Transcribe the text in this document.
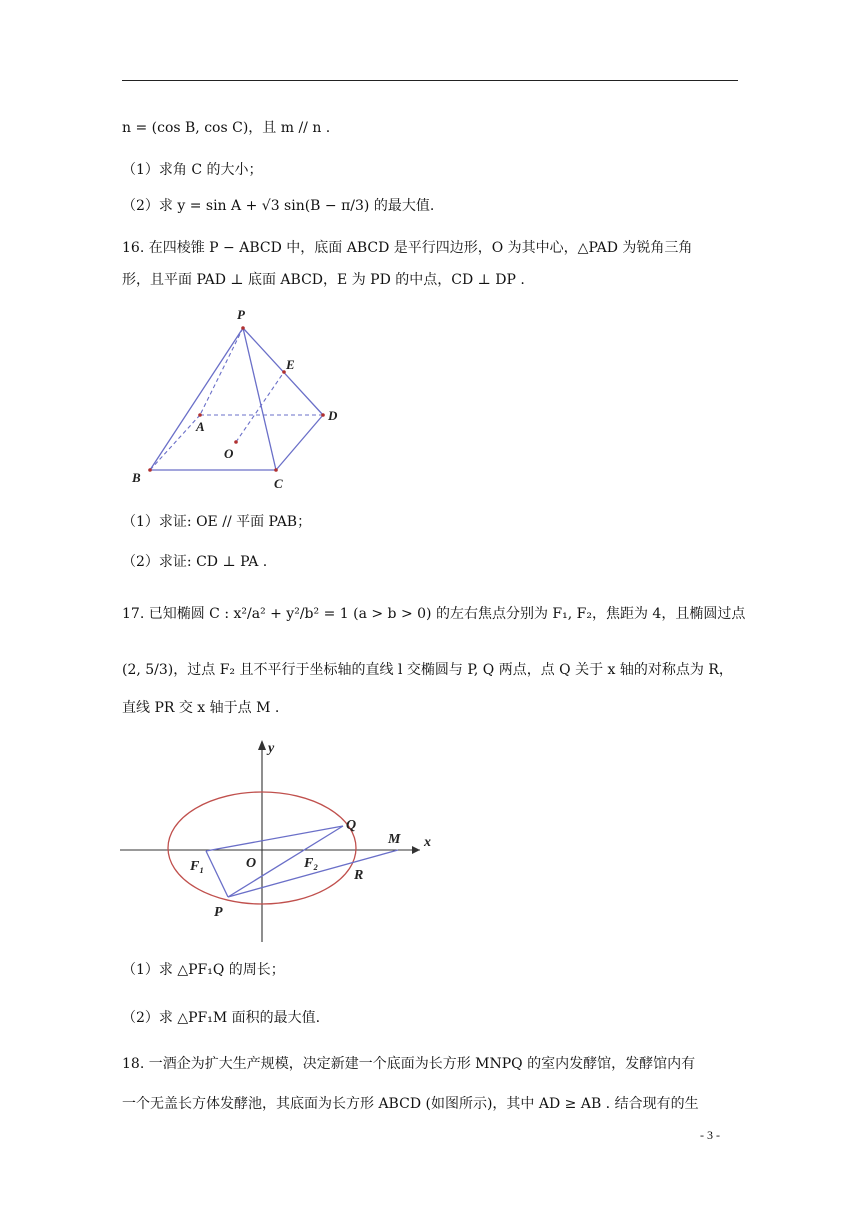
n = (cos B, cos C)，且 m // n .
（1）求角 C 的大小；
（2）求 y = sin A + √3 sin(B − π/3) 的最大值.
16. 在四棱锥 P − ABCD 中，底面 ABCD 是平行四边形，O 为其中心，△PAD 为锐角三角
形，且平面 PAD ⊥ 底面 ABCD，E 为 PD 的中点，CD ⊥ DP .
P
E
A
D
O
B	C
（1）求证: OE // 平面 PAB；
（2）求证: CD ⊥ PA .
17. 已知椭圆 C : x²/a² + y²/b² = 1 (a > b > 0) 的左右焦点分别为 F₁, F₂，焦距为 4，且椭圆过点
(2, 5/3)，过点 F₂ 且不平行于坐标轴的直线 l 交椭圆与 P, Q 两点，点 Q 关于 x 轴的对称点为 R，
直线 PR 交 x 轴于点 M .
y
x
Q
M
F₁	O	F₂
R
P
（1）求 △PF₁Q 的周长；
（2）求 △PF₁M 面积的最大值.
18. 一酒企为扩大生产规模，决定新建一个底面为长方形 MNPQ 的室内发酵馆，发酵馆内有
一个无盖长方体发酵池，其底面为长方形 ABCD (如图所示)，其中 AD ≥ AB . 结合现有的生
- 3 -
